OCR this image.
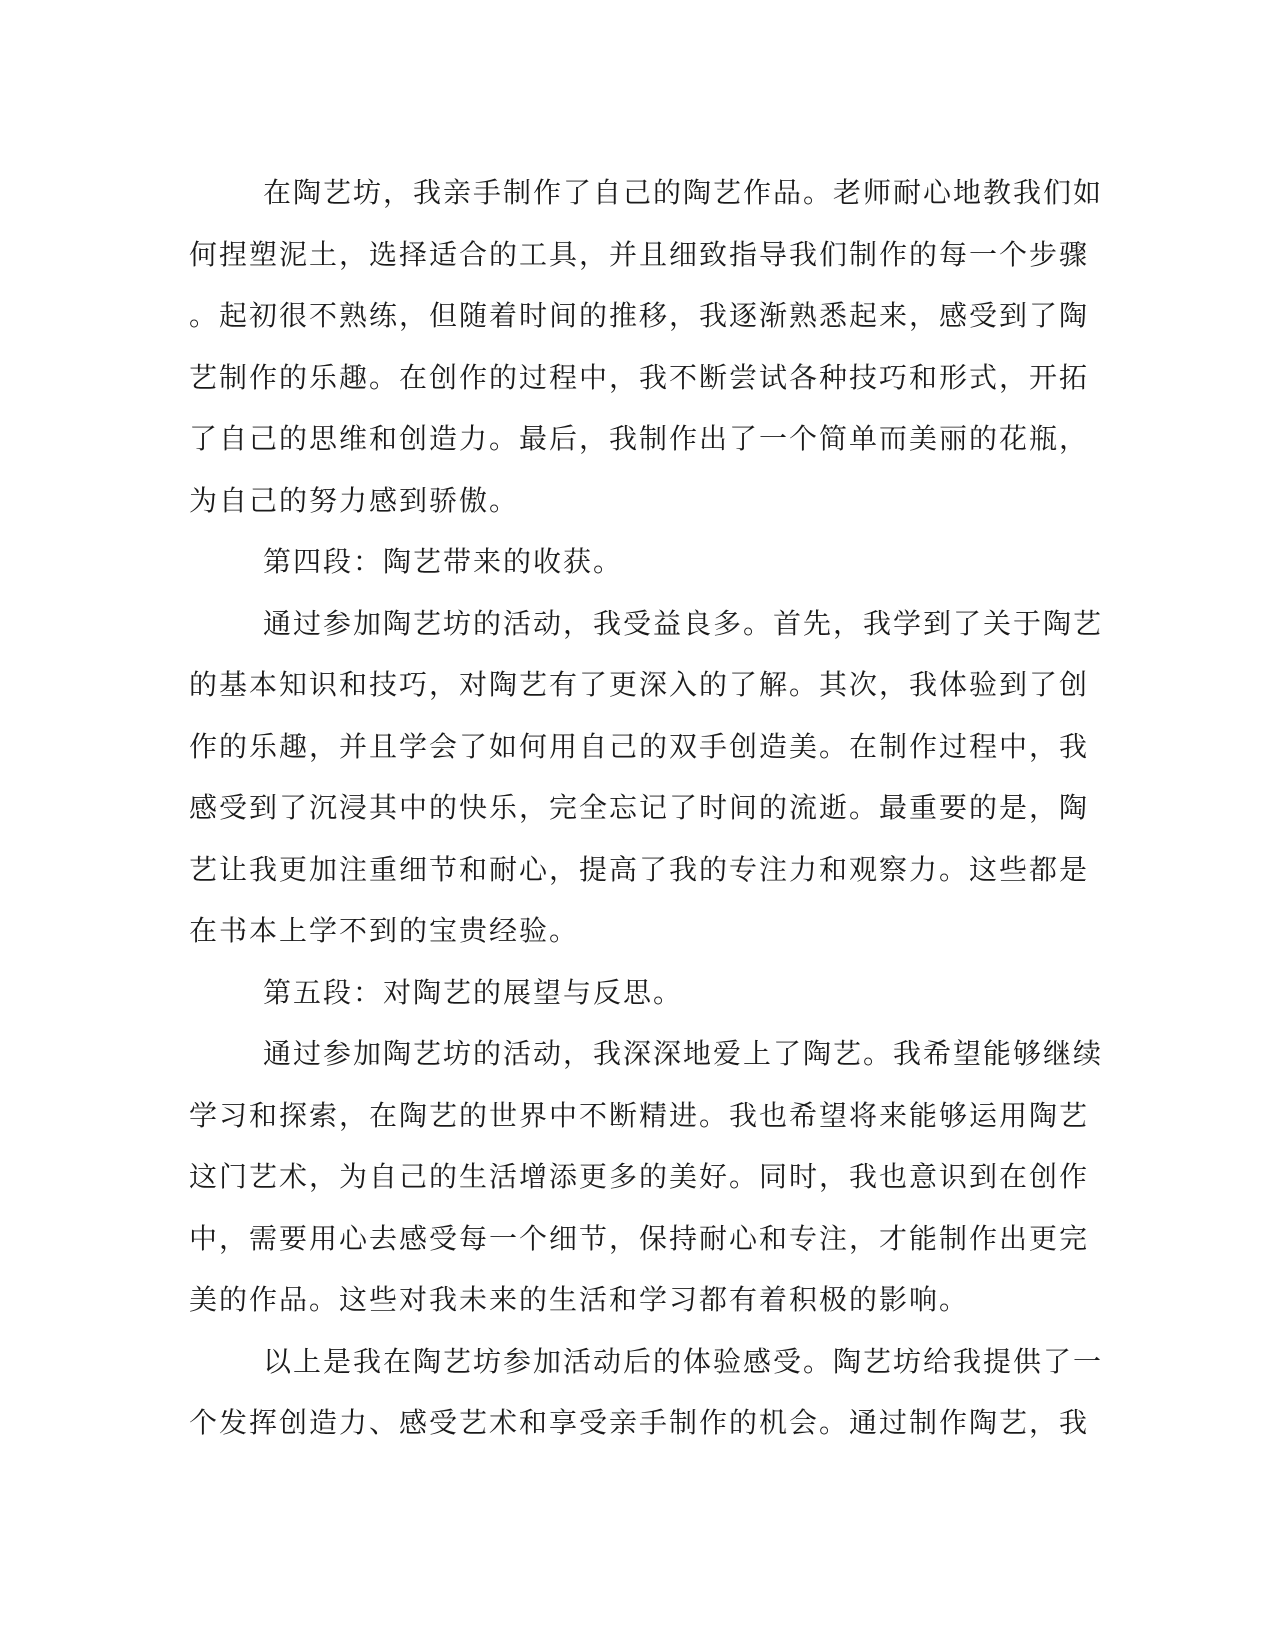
在陶艺坊，我亲手制作了自己的陶艺作品。老师耐心地教我们如
何捏塑泥土，选择适合的工具，并且细致指导我们制作的每一个步骤
。起初很不熟练，但随着时间的推移，我逐渐熟悉起来，感受到了陶
艺制作的乐趣。在创作的过程中，我不断尝试各种技巧和形式，开拓
了自己的思维和创造力。最后，我制作出了一个简单而美丽的花瓶，
为自己的努力感到骄傲。
第四段：陶艺带来的收获。
通过参加陶艺坊的活动，我受益良多。首先，我学到了关于陶艺
的基本知识和技巧，对陶艺有了更深入的了解。其次，我体验到了创
作的乐趣，并且学会了如何用自己的双手创造美。在制作过程中，我
感受到了沉浸其中的快乐，完全忘记了时间的流逝。最重要的是，陶
艺让我更加注重细节和耐心，提高了我的专注力和观察力。这些都是
在书本上学不到的宝贵经验。
第五段：对陶艺的展望与反思。
通过参加陶艺坊的活动，我深深地爱上了陶艺。我希望能够继续
学习和探索，在陶艺的世界中不断精进。我也希望将来能够运用陶艺
这门艺术，为自己的生活增添更多的美好。同时，我也意识到在创作
中，需要用心去感受每一个细节，保持耐心和专注，才能制作出更完
美的作品。这些对我未来的生活和学习都有着积极的影响。
以上是我在陶艺坊参加活动后的体验感受。陶艺坊给我提供了一
个发挥创造力、感受艺术和享受亲手制作的机会。通过制作陶艺，我
